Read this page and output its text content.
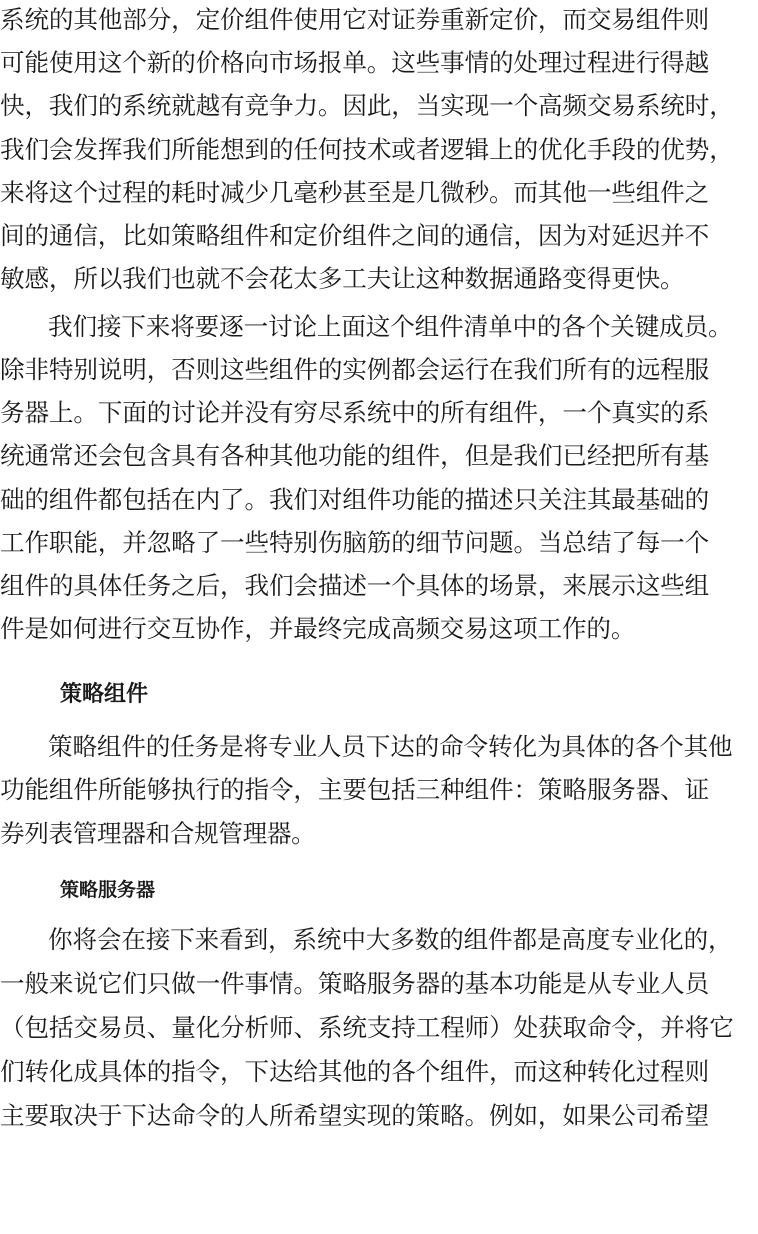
系统的其他部分，定价组件使用它对证券重新定价，而交易组件则
可能使用这个新的价格向市场报单。这些事情的处理过程进行得越
快，我们的系统就越有竞争力。因此，当实现一个高频交易系统时，
我们会发挥我们所能想到的任何技术或者逻辑上的优化手段的优势，
来将这个过程的耗时减少几毫秒甚至是几微秒。而其他一些组件之
间的通信，比如策略组件和定价组件之间的通信，因为对延迟并不
敏感，所以我们也就不会花太多工夫让这种数据通路变得更快。
我们接下来将要逐一讨论上面这个组件清单中的各个关键成员。
除非特别说明，否则这些组件的实例都会运行在我们所有的远程服
务器上。下面的讨论并没有穷尽系统中的所有组件，一个真实的系
统通常还会包含具有各种其他功能的组件，但是我们已经把所有基
础的组件都包括在内了。我们对组件功能的描述只关注其最基础的
工作职能，并忽略了一些特别伤脑筋的细节问题。当总结了每一个
组件的具体任务之后，我们会描述一个具体的场景，来展示这些组
件是如何进行交互协作，并最终完成高频交易这项工作的。
策略组件
策略组件的任务是将专业人员下达的命令转化为具体的各个其他
功能组件所能够执行的指令，主要包括三种组件：策略服务器、证
券列表管理器和合规管理器。
策略服务器
你将会在接下来看到，系统中大多数的组件都是高度专业化的，
一般来说它们只做一件事情。策略服务器的基本功能是从专业人员
（包括交易员、量化分析师、系统支持工程师）处获取命令，并将它
们转化成具体的指令，下达给其他的各个组件，而这种转化过程则
主要取决于下达命令的人所希望实现的策略。例如，如果公司希望
